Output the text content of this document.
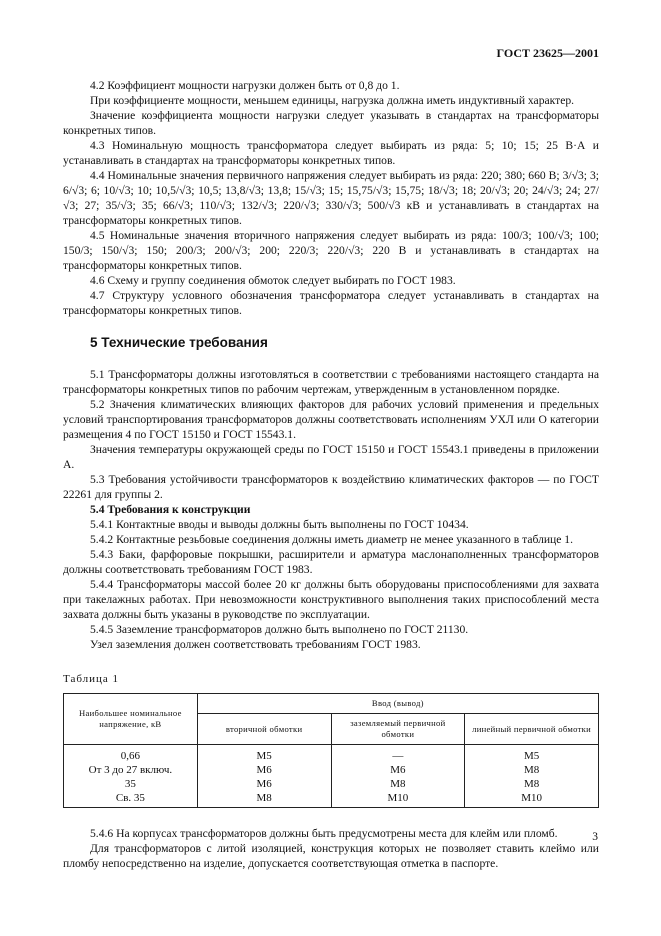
ГОСТ 23625—2001

4.2 Коэффициент мощности нагрузки должен быть от 0,8 до 1.

При коэффициенте мощности, меньшем единицы, нагрузка должна иметь индуктивный характер.

Значение коэффициента мощности нагрузки следует указывать в стандартах на трансформаторы конкретных типов.

4.3 Номинальную мощность трансформатора следует выбирать из ряда: 5; 10; 15; 25 В·А и устанавливать в стандартах на трансформаторы конкретных типов.

4.4 Номинальные значения первичного напряжения следует выбирать из ряда: 220; 380; 660 В; 3/√3; 3; 6/√3; 6; 10/√3; 10; 10,5/√3; 10,5; 13,8/√3; 13,8; 15/√3; 15; 15,75/√3; 15,75; 18/√3; 18; 20/√3; 20; 24/√3; 24; 27/√3; 27; 35/√3; 35; 66/√3; 110/√3; 132/√3; 220/√3; 330/√3; 500/√3 кВ и устанавливать в стандартах на трансформаторы конкретных типов.

4.5 Номинальные значения вторичного напряжения следует выбирать из ряда: 100/3; 100/√3; 100; 150/3; 150/√3; 150; 200/3; 200/√3; 200; 220/3; 220/√3; 220 В и устанавливать в стандартах на трансформаторы конкретных типов.

4.6 Схему и группу соединения обмоток следует выбирать по ГОСТ 1983.

4.7 Структуру условного обозначения трансформатора следует устанавливать в стандартах на трансформаторы конкретных типов.

5 Технические требования

5.1 Трансформаторы должны изготовляться в соответствии с требованиями настоящего стандарта на трансформаторы конкретных типов по рабочим чертежам, утвержденным в установленном порядке.

5.2 Значения климатических влияющих факторов для рабочих условий применения и предельных условий транспортирования трансформаторов должны соответствовать исполнениям УХЛ или О категории размещения 4 по ГОСТ 15150 и ГОСТ 15543.1.

Значения температуры окружающей среды по ГОСТ 15150 и ГОСТ 15543.1 приведены в приложении А.

5.3 Требования устойчивости трансформаторов к воздействию климатических факторов — по ГОСТ 22261 для группы 2.

5.4 Требования к конструкции

5.4.1 Контактные вводы и выводы должны быть выполнены по ГОСТ 10434.

5.4.2 Контактные резьбовые соединения должны иметь диаметр не менее указанного в таблице 1.

5.4.3 Баки, фарфоровые покрышки, расширители и арматура маслонаполненных трансформаторов должны соответствовать требованиям ГОСТ 1983.

5.4.4 Трансформаторы массой более 20 кг должны быть оборудованы приспособлениями для захвата при такелажных работах. При невозможности конструктивного выполнения таких приспособлений места захвата должны быть указаны в руководстве по эксплуатации.

5.4.5 Заземление трансформаторов должно быть выполнено по ГОСТ 21130.

Узел заземления должен соответствовать требованиям ГОСТ 1983.

Таблица 1
Наибольшее номинальное напряжение, кВ	Ввод (вывод)		
	вторичной обмотки	заземляемый первичной обмотки	линейный первичной обмотки
0,66	М5	—	М5
От 3 до 27 включ.	М6	М6	М8
35	М6	М8	М8
Св. 35	М8	М10	М10

5.4.6 На корпусах трансформаторов должны быть предусмотрены места для клейм или пломб.

Для трансформаторов с литой изоляцией, конструкция которых не позволяет ставить клеймо или пломбу непосредственно на изделие, допускается соответствующая отметка в паспорте.

3
